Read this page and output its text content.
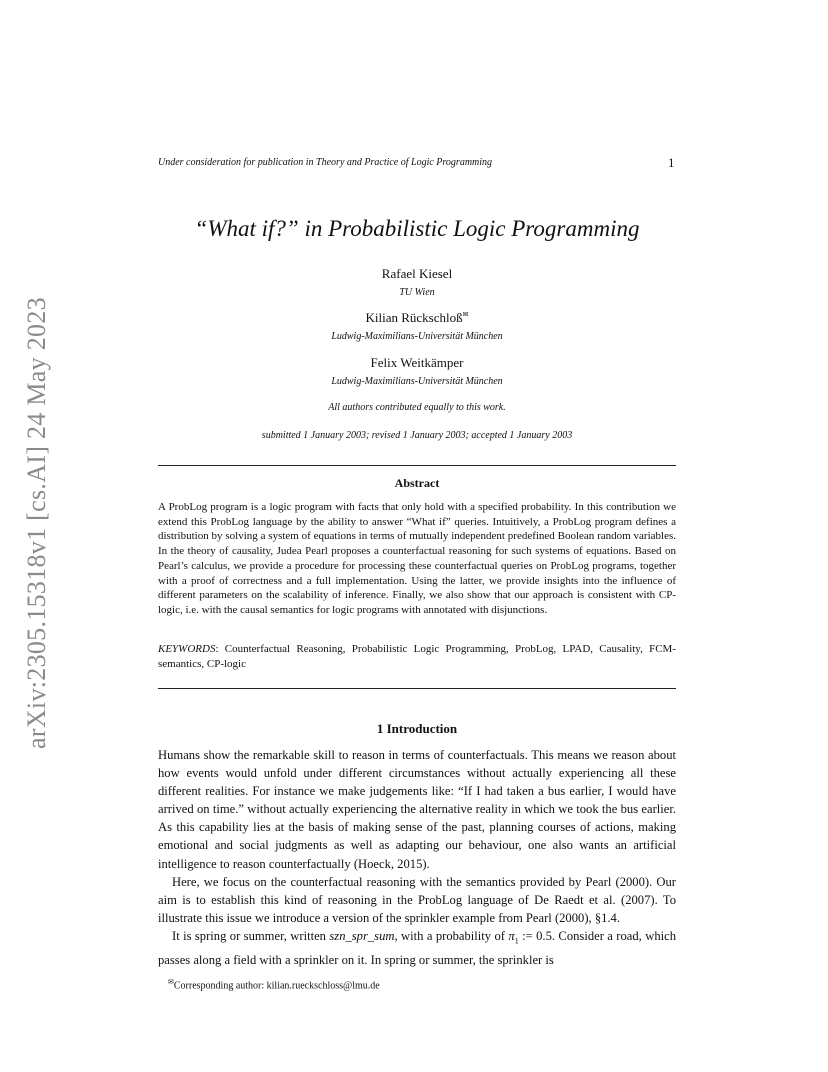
arXiv:2305.15318v1 [cs.AI] 24 May 2023
Under consideration for publication in Theory and Practice of Logic Programming	1
“What if?” in Probabilistic Logic Programming
Rafael Kiesel
TU Wien
Kilian Rückschloß✉
Ludwig-Maximilians-Universität München
Felix Weitkämper
Ludwig-Maximilians-Universität München
All authors contributed equally to this work.
submitted 1 January 2003; revised 1 January 2003; accepted 1 January 2003
Abstract
A ProbLog program is a logic program with facts that only hold with a specified probability. In this contribution we extend this ProbLog language by the ability to answer “What if” queries. Intuitively, a ProbLog program defines a distribution by solving a system of equations in terms of mutually independent predefined Boolean random variables. In the theory of causality, Judea Pearl proposes a counterfactual reasoning for such systems of equations. Based on Pearl’s calculus, we provide a procedure for processing these counterfactual queries on ProbLog programs, together with a proof of correctness and a full implementation. Using the latter, we provide insights into the influence of different parameters on the scalability of inference. Finally, we also show that our approach is consistent with CP-logic, i.e. with the causal semantics for logic programs with annotated with disjunctions.
KEYWORDS: Counterfactual Reasoning, Probabilistic Logic Programming, ProbLog, LPAD, Causality, FCM-semantics, CP-logic
1 Introduction

Humans show the remarkable skill to reason in terms of counterfactuals. This means we reason about how events would unfold under different circumstances without actually experiencing all these different realities. For instance we make judgements like: “If I had taken a bus earlier, I would have arrived on time.” without actually experiencing the alternative reality in which we took the bus earlier. As this capability lies at the basis of making sense of the past, planning courses of actions, making emotional and social judgments as well as adapting our behaviour, one also wants an artificial intelligence to reason counterfactually (Hoeck, 2015).

Here, we focus on the counterfactual reasoning with the semantics provided by Pearl (2000). Our aim is to establish this kind of reasoning in the ProbLog language of De Raedt et al. (2007). To illustrate this issue we introduce a version of the sprinkler example from Pearl (2000), §1.4.

It is spring or summer, written szn_spr_sum, with a probability of $\pi_1$ := 0.5. Consider a road, which passes along a field with a sprinkler on it. In spring or summer, the sprinkler is

✉Corresponding author: kilian.rueckschloss@lmu.de
